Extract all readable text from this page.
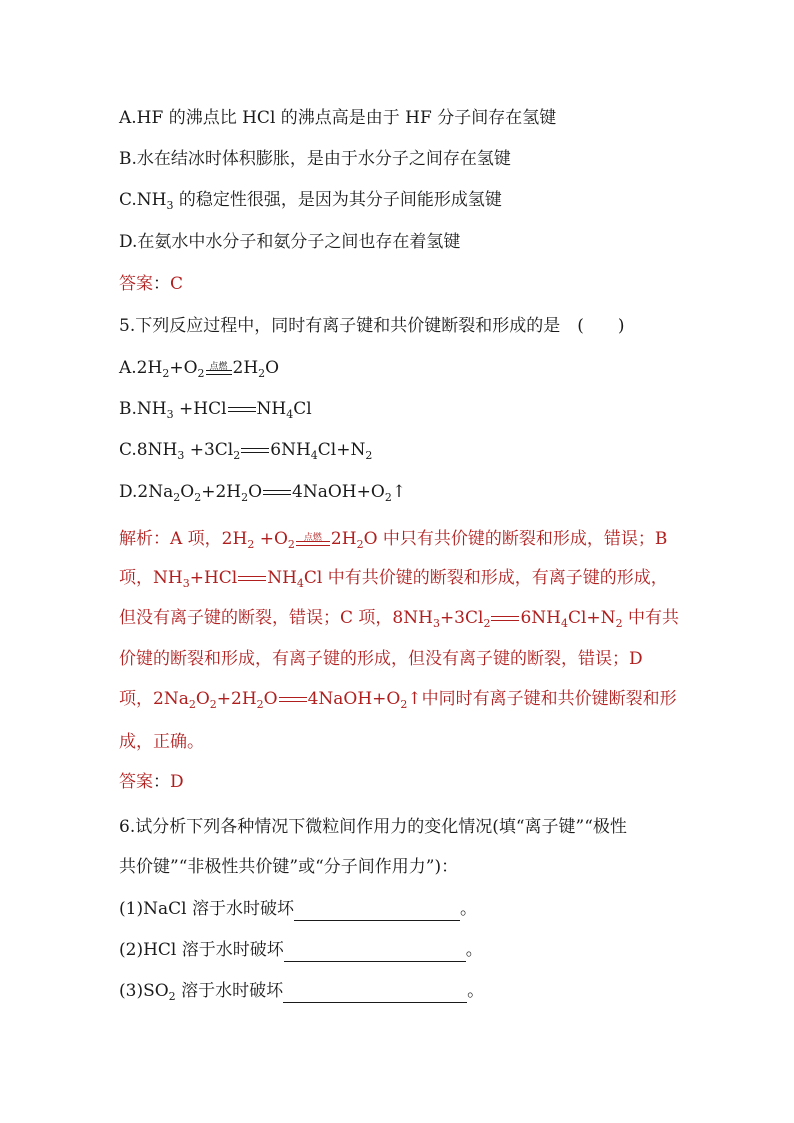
A.HF 的沸点比 HCl 的沸点高是由于 HF 分子间存在氢键
B.水在结冰时体积膨胀，是由于水分子之间存在氢键
$C.NH_3$ 的稳定性很强，是因为其分子间能形成氢键
D.在氨水中水分子和氨分子之间也存在着氢键
答案：C
5.下列反应过程中，同时有离子键和共价键断裂和形成的是　(　　)
$A.2H_2+O_2$
点燃 $2H_2O$
$B.NH_3 +HCl$ $NH_4Cl$
$C.8NH_3 +3Cl_2$ $6NH_4Cl+N_2$
$D.2Na_2O_2+2H_2O$ $4NaOH+O_2↑$
解析：A 项，$2H_2 +O_2$
点燃 $2H_2O$ 中只有共价键的断裂和形成，错误；B
项，$NH_3+HCl$ $NH_4Cl$ 中有共价键的断裂和形成，有离子键的形成，
但没有离子键的断裂，错误；C 项，$8NH_3+3Cl_2$ $6NH_4Cl+N_2$ 中有共
价键的断裂和形成，有离子键的形成，但没有离子键的断裂，错误；D
项，$2Na_2O_2+2H_2O$ $4NaOH+O_2↑$中同时有离子键和共价键断裂和形
成，正确。
答案：D
6.试分析下列各种情况下微粒间作用力的变化情况(填“离子键”“极性
共价键”“非极性共价键”或“分子间作用力”)：
(1)NaCl 溶于水时破坏	。
(2)HCl 溶于水时破坏	。
$(3)SO_2$ 溶于水时破坏	。
